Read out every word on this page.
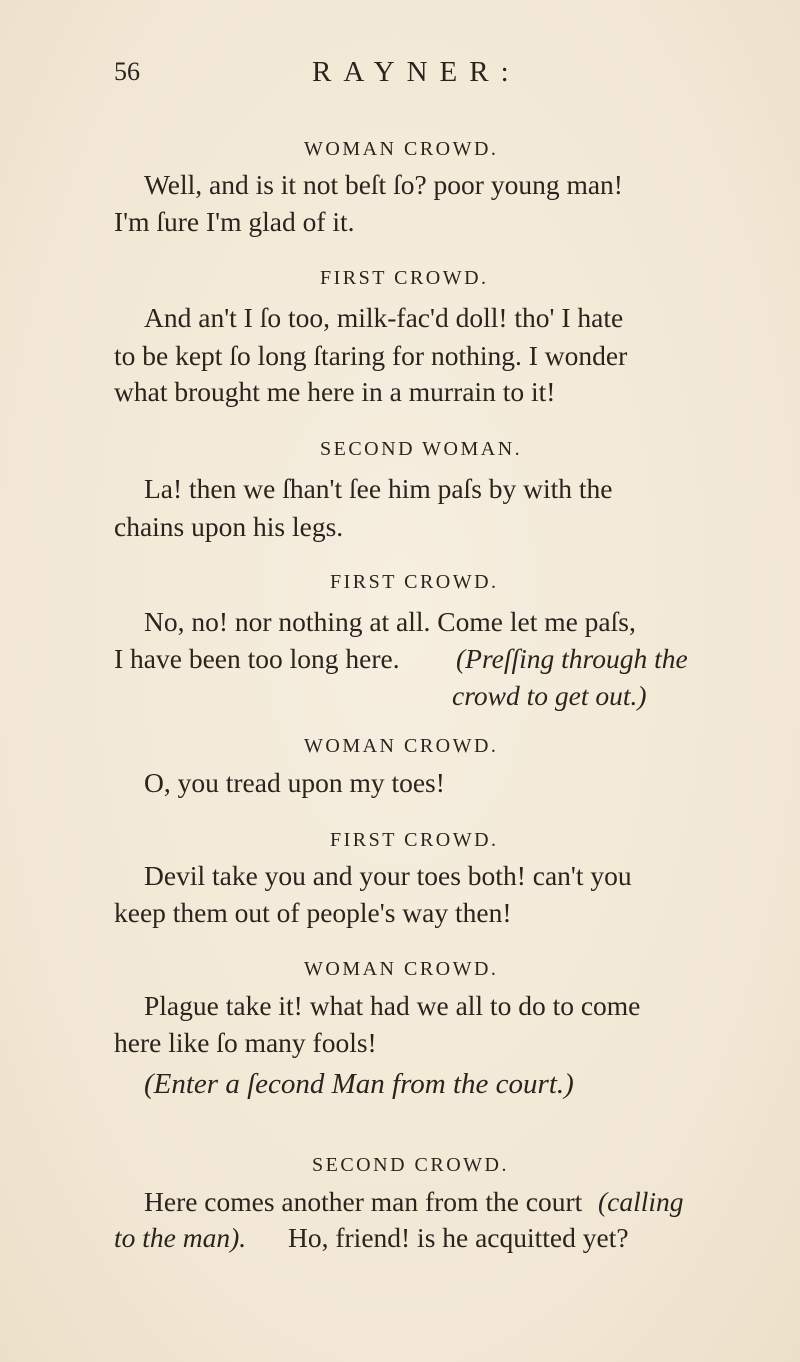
56	RAYNER:
WOMAN CROWD.
Well, and is it not beſt ſo? poor young man!
I'm ſure I'm glad of it.
FIRST CROWD.
And an't I ſo too, milk-fac'd doll! tho' I hate
to be kept ſo long ſtaring for nothing. I wonder
what brought me here in a murrain to it!
SECOND WOMAN.
La! then we ſhan't ſee him paſs by with the
chains upon his legs.
FIRST CROWD.
No, no! nor nothing at all. Come let me paſs,
I have been too long here.	(Preſſing through the
crowd to get out.)
WOMAN CROWD.
O, you tread upon my toes!
FIRST CROWD.
Devil take you and your toes both! can't you
keep them out of people's way then!
WOMAN CROWD.
Plague take it! what had we all to do to come
here like ſo many fools!
(Enter a ſecond Man from the court.)
SECOND CROWD.
Here comes another man from the court (calling
to the man). Ho, friend! is he acquitted yet?
